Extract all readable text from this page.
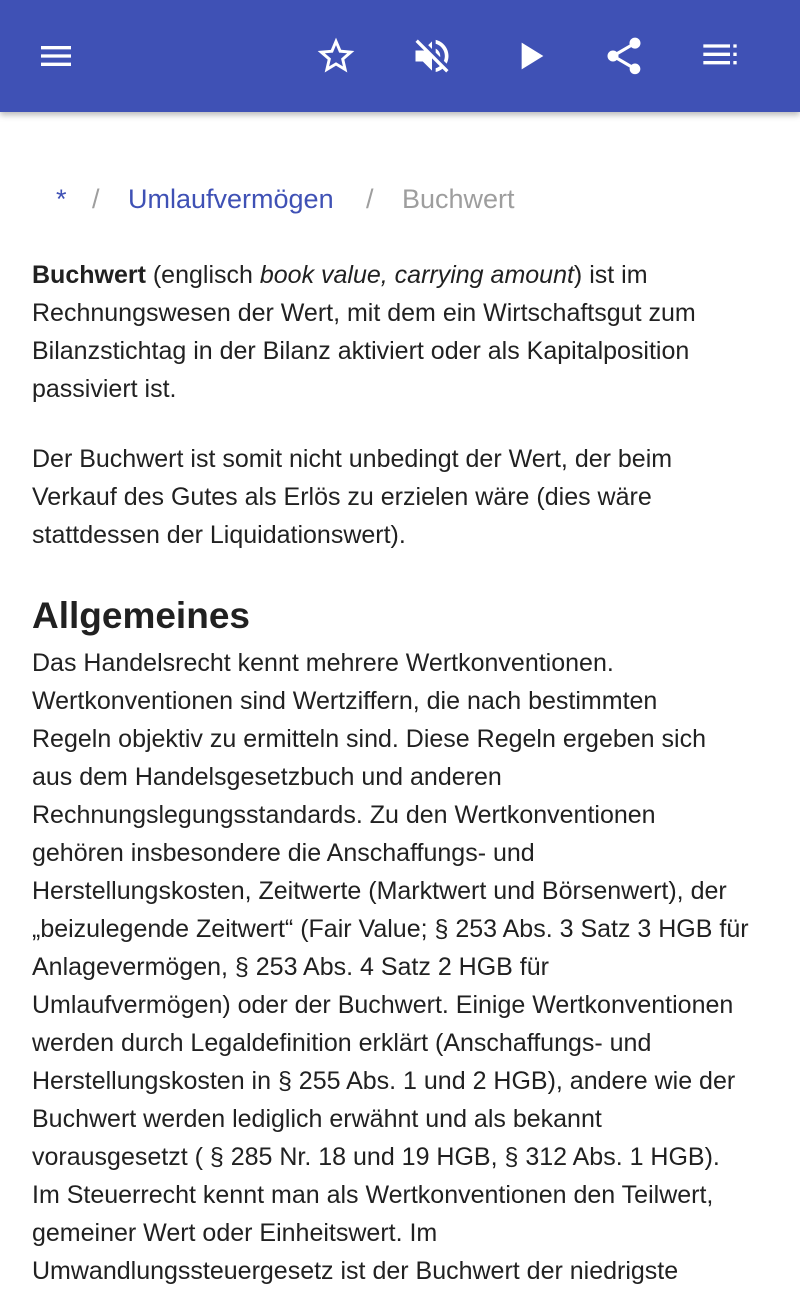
* / Umlaufvermögen / Buchwert

Buchwert (englisch book value, carrying amount) ist im
Rechnungswesen der Wert, mit dem ein Wirtschaftsgut zum
Bilanzstichtag in der Bilanz aktiviert oder als Kapitalposition
passiviert ist.

Der Buchwert ist somit nicht unbedingt der Wert, der beim
Verkauf des Gutes als Erlös zu erzielen wäre (dies wäre
stattdessen der Liquidationswert).

Allgemeines

Das Handelsrecht kennt mehrere Wertkonventionen.
Wertkonventionen sind Wertziffern, die nach bestimmten
Regeln objektiv zu ermitteln sind. Diese Regeln ergeben sich
aus dem Handelsgesetzbuch und anderen
Rechnungslegungsstandards. Zu den Wertkonventionen
gehören insbesondere die Anschaffungs- und
Herstellungskosten, Zeitwerte (Marktwert und Börsenwert), der
„beizulegende Zeitwert“ (Fair Value; § 253 Abs. 3 Satz 3 HGB für
Anlagevermögen, § 253 Abs. 4 Satz 2 HGB für
Umlaufvermögen) oder der Buchwert. Einige Wertkonventionen
werden durch Legaldefinition erklärt (Anschaffungs- und
Herstellungskosten in § 255 Abs. 1 und 2 HGB), andere wie der
Buchwert werden lediglich erwähnt und als bekannt
vorausgesetzt ( § 285 Nr. 18 und 19 HGB, § 312 Abs. 1 HGB).
Im Steuerrecht kennt man als Wertkonventionen den Teilwert,
gemeiner Wert oder Einheitswert. Im
Umwandlungssteuergesetz ist der Buchwert der niedrigste
